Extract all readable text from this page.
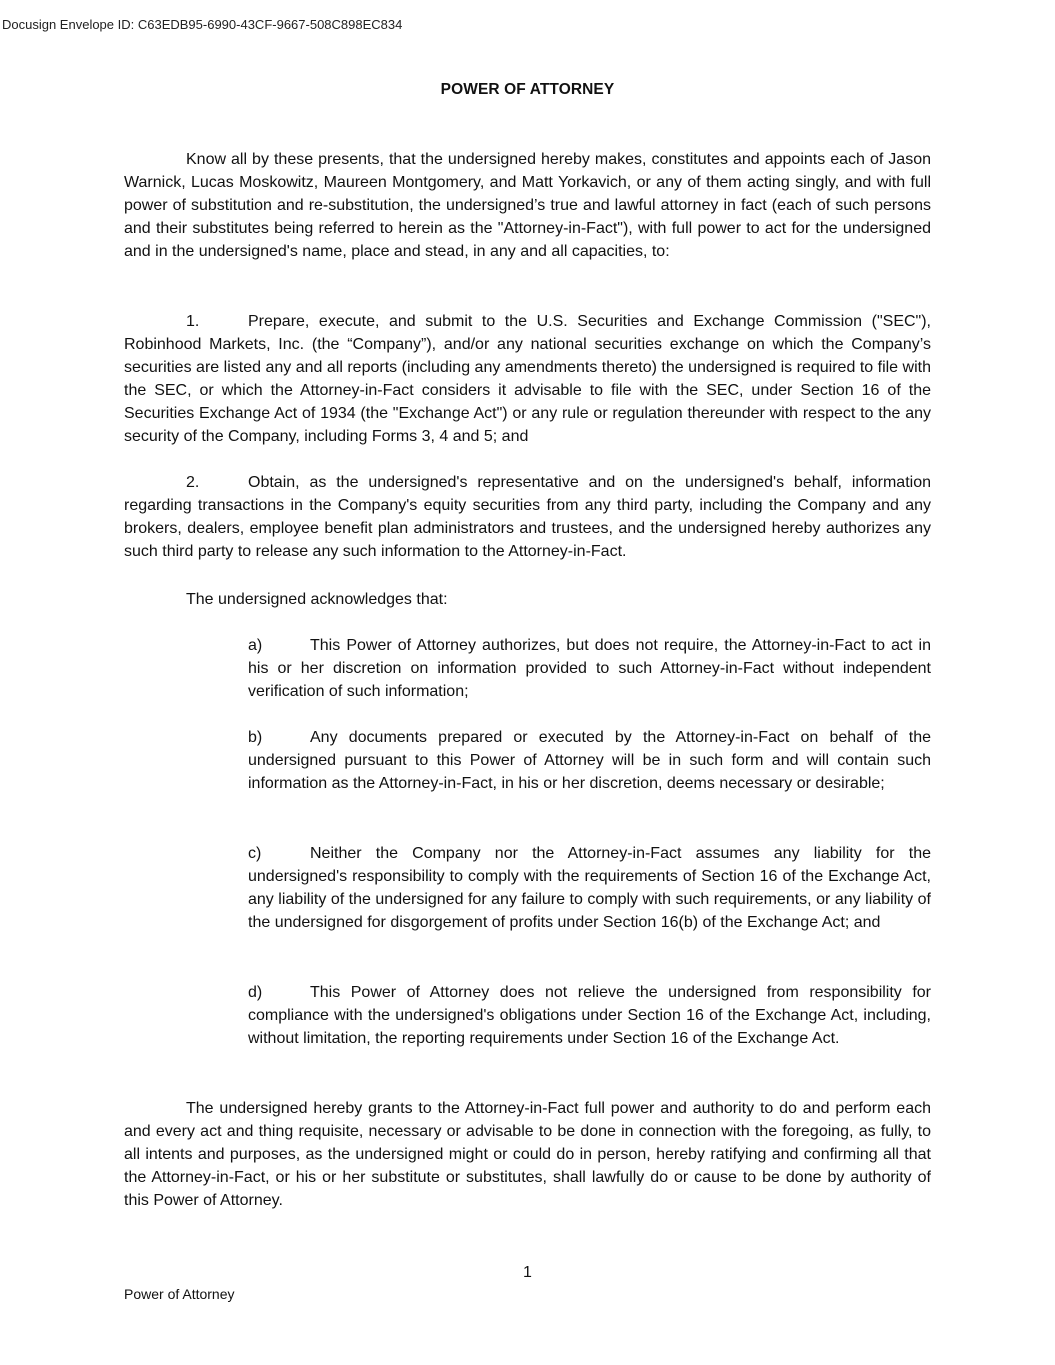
Docusign Envelope ID: C63EDB95-6990-43CF-9667-508C898EC834
POWER OF ATTORNEY

Know all by these presents, that the undersigned hereby makes, constitutes and appoints each of Jason Warnick, Lucas Moskowitz, Maureen Montgomery, and Matt Yorkavich, or any of them acting singly, and with full power of substitution and re-substitution, the undersigned’s true and lawful attorney in fact (each of such persons and their substitutes being referred to herein as the "Attorney-in-Fact"), with full power to act for the undersigned and in the undersigned's name, place and stead, in any and all capacities, to:

1.	Prepare, execute, and submit to the U.S. Securities and Exchange Commission ("SEC"), Robinhood Markets, Inc. (the “Company”), and/or any national securities exchange on which the Company’s securities are listed any and all reports (including any amendments thereto) the undersigned is required to file with the SEC, or which the Attorney-in-Fact considers it advisable to file with the SEC, under Section 16 of the Securities Exchange Act of 1934 (the "Exchange Act") or any rule or regulation thereunder with respect to the any security of the Company, including Forms 3, 4 and 5; and

2.	Obtain, as the undersigned's representative and on the undersigned's behalf, information regarding transactions in the Company's equity securities from any third party, including the Company and any brokers, dealers, employee benefit plan administrators and trustees, and the undersigned hereby authorizes any such third party to release any such information to the Attorney-in-Fact.

The undersigned acknowledges that:

a)	This Power of Attorney authorizes, but does not require, the Attorney-in-Fact to act in his or her discretion on information provided to such Attorney-in-Fact without independent verification of such information;

b)	Any documents prepared or executed by the Attorney-in-Fact on behalf of the undersigned pursuant to this Power of Attorney will be in such form and will contain such information as the Attorney-in-Fact, in his or her discretion, deems necessary or desirable;

c)	Neither the Company nor the Attorney-in-Fact assumes any liability for the undersigned's responsibility to comply with the requirements of Section 16 of the Exchange Act, any liability of the undersigned for any failure to comply with such requirements, or any liability of the undersigned for disgorgement of profits under Section 16(b) of the Exchange Act; and

d)	This Power of Attorney does not relieve the undersigned from responsibility for compliance with the undersigned's obligations under Section 16 of the Exchange Act, including, without limitation, the reporting requirements under Section 16 of the Exchange Act.

The undersigned hereby grants to the Attorney-in-Fact full power and authority to do and perform each and every act and thing requisite, necessary or advisable to be done in connection with the foregoing, as fully, to all intents and purposes, as the undersigned might or could do in person, hereby ratifying and confirming all that the Attorney-in-Fact, or his or her substitute or substitutes, shall lawfully do or cause to be done by authority of this Power of Attorney.

1
Power of Attorney
